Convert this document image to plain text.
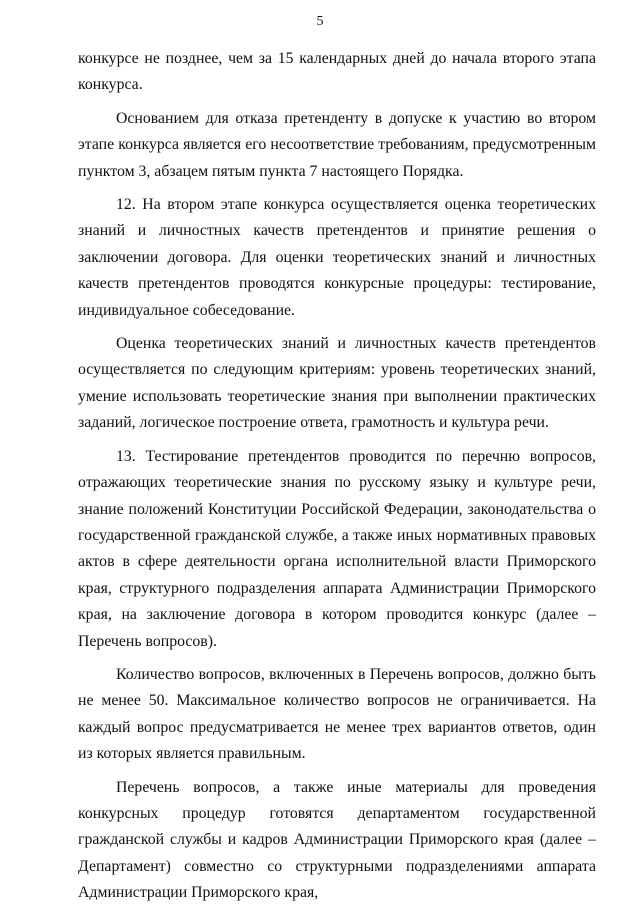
5

конкурсе не позднее, чем за 15 календарных дней до начала второго этапа конкурса.

Основанием для отказа претенденту в допуске к участию во втором этапе конкурса является его несоответствие требованиям, предусмотренным пунктом 3, абзацем пятым пункта 7 настоящего Порядка.

12. На втором этапе конкурса осуществляется оценка теоретических знаний и личностных качеств претендентов и принятие решения о заключении договора. Для оценки теоретических знаний и личностных качеств претендентов проводятся конкурсные процедуры: тестирование, индивидуальное собеседование.

Оценка теоретических знаний и личностных качеств претендентов осуществляется по следующим критериям: уровень теоретических знаний, умение использовать теоретические знания при выполнении практических заданий, логическое построение ответа, грамотность и культура речи.

13. Тестирование претендентов проводится по перечню вопросов, отражающих теоретические знания по русскому языку и культуре речи, знание положений Конституции Российской Федерации, законодательства о государственной гражданской службе, а также иных нормативных правовых актов в сфере деятельности органа исполнительной власти Приморского края, структурного подразделения аппарата Администрации Приморского края, на заключение договора в котором проводится конкурс (далее – Перечень вопросов).

Количество вопросов, включенных в Перечень вопросов, должно быть не менее 50. Максимальное количество вопросов не ограничивается. На каждый вопрос предусматривается не менее трех вариантов ответов, один из которых является правильным.

Перечень вопросов, а также иные материалы для проведения конкурсных процедур готовятся департаментом государственной гражданской службы и кадров Администрации Приморского края (далее – Департамент) совместно со структурными подразделениями аппарата Администрации Приморского края,
